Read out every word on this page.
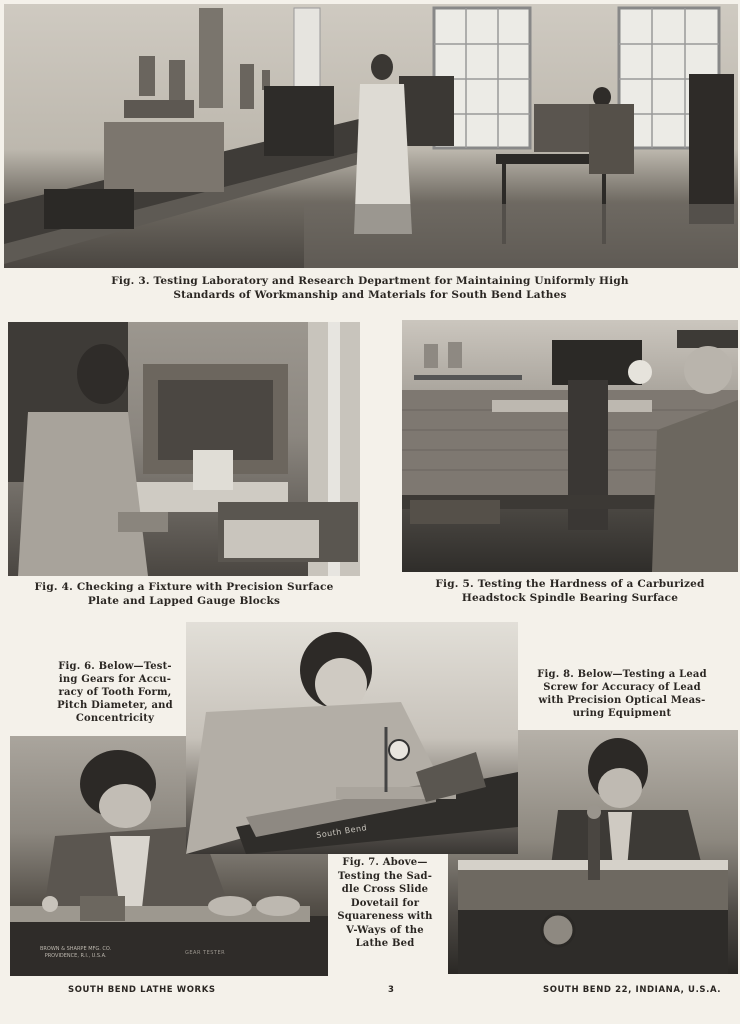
Fig. 3. Testing Laboratory and Research Department for Maintaining Uniformly High
Standards of Workmanship and Materials for South Bend Lathes
Fig. 4. Checking a Fixture with Precision Surface
Plate and Lapped Gauge Blocks
Fig. 5. Testing the Hardness of a Carburized
Headstock Spindle Bearing Surface
Fig. 6. Below—Test-
ing Gears for Accu-
racy of Tooth Form,
Pitch Diameter, and
Concentricity
South Bend
Fig. 8. Below—Testing a Lead
Screw for Accuracy of Lead
with Precision Optical Meas-
uring Equipment
BROWN & SHARPE MFG. CO.
PROVIDENCE, R.I., U.S.A.	GEAR TESTER
Fig. 7. Above—
Testing the Sad-
dle Cross Slide
Dovetail for
Squareness with
V-Ways of the
Lathe Bed
SOUTH BEND LATHE WORKS	3	SOUTH BEND 22, INDIANA, U.S.A.
